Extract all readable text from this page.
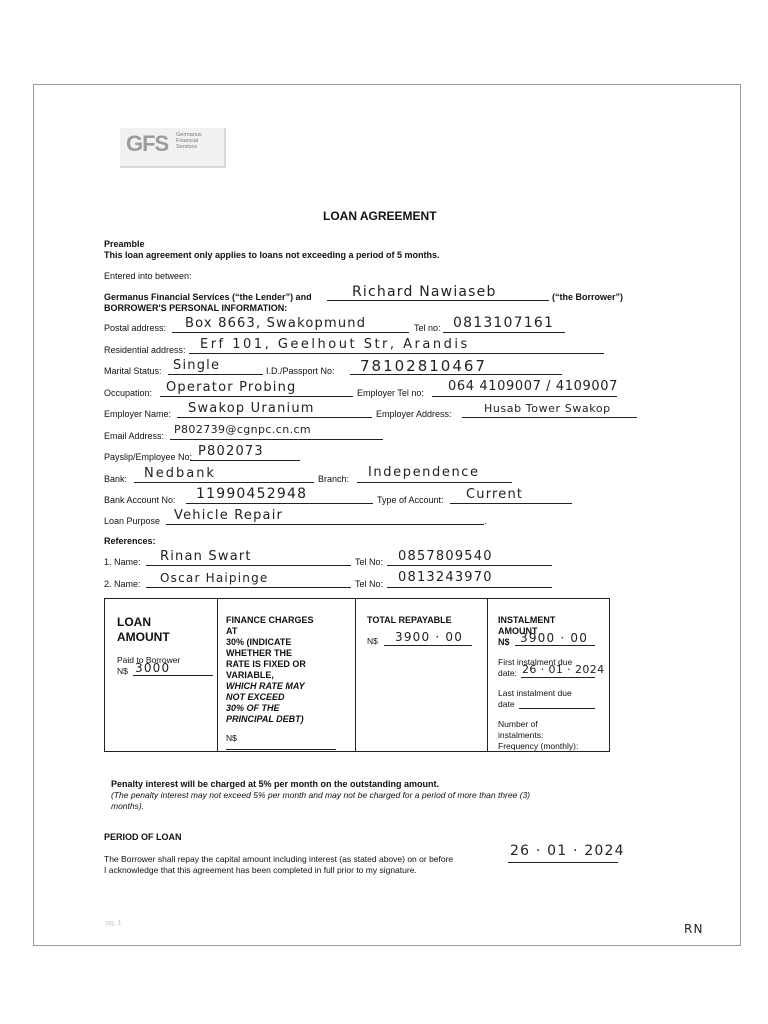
GFS Germanus
Financial
Services
LOAN AGREEMENT
Preamble
This loan agreement only applies to loans not exceeding a period of 5 months.
Entered into between:
Germanus Financial Services (“the Lender”) and	Richard Nawiaseb	(“the Borrower”)
BORROWER'S PERSONAL INFORMATION:
Postal address: Box 8663, Swakopmund	Tel no: 0813107161
Residential address: Erf 101, Geelhout Str, Arandis
Marital Status: Single	I.D./Passport No: 78102810467
Occupation: Operator Probing	Employer Tel no: 064 4109007 / 4109007
Employer Name: Swakop Uranium	Employer Address:	Husab Tower Swakop
Email Address: P802739@cgnpc.cn.cm
Payslip/Employee No: P802073
Bank: Nedbank	Branch: Independence
Bank Account No: 11990452948	Type of Account: Current
Loan Purpose	.
Vehicle Repair
References:
1. Name: Rinan Swart	Tel No: 0857809540
2. Name: Oscar Haipinge	Tel No: 0813243970
LOAN
AMOUNT
Paid to Borrower
N$ 3000
FINANCE CHARGES
AT
30% (INDICATE
WHETHER THE
RATE IS FIXED OR
VARIABLE,
WHICH RATE MAY
NOT EXCEED
30% OF THE
PRINCIPAL DEBT)
N$
TOTAL REPAYABLE
N$ 3900 · 00
INSTALMENT
AMOUNT
N$ 3900 · 00
First instalment due
date: 26 · 01 · 2024
Last instalment due
date
Number of
instalments:
Frequency (monthly):
Penalty interest will be charged at 5% per month on the outstanding amount.
(The penalty interest may not exceed 5% per month and may not be charged for a period of more than three (3)
months).
PERIOD OF LOAN
The Borrower shall repay the capital amount including interest (as stated above) on or before	26 · 01 · 2024
I acknowledge that this agreement has been completed in full prior to my signature.
pg. 1	RN
